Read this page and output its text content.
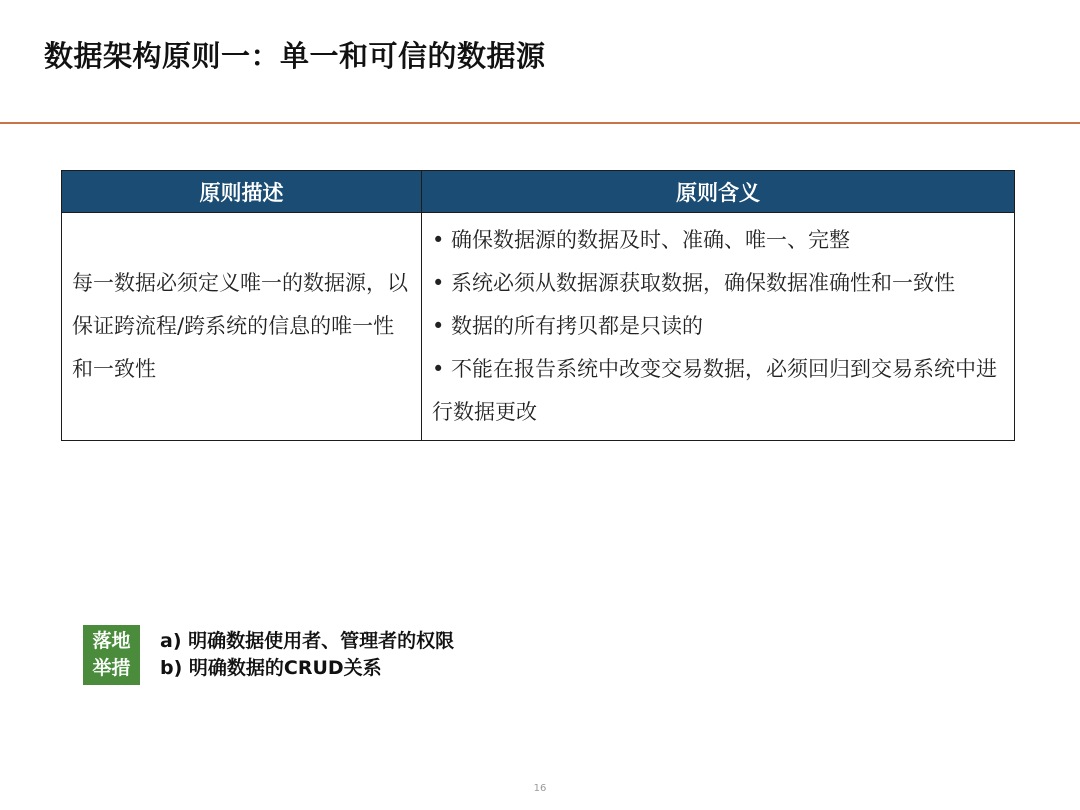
数据架构原则一：单一和可信的数据源
原则描述	原则含义
每一数据必须定义唯一的数据源，以保证跨流程/跨系统的信息的唯一性和一致性	• 确保数据源的数据及时、准确、唯一、完整
• 系统必须从数据源获取数据，确保数据准确性和一致性
• 数据的所有拷贝都是只读的
• 不能在报告系统中改变交易数据，必须回归到交易系统中进行数据更改
落地
举措
a) 明确数据使用者、管理者的权限
b) 明确数据的CRUD关系
16
